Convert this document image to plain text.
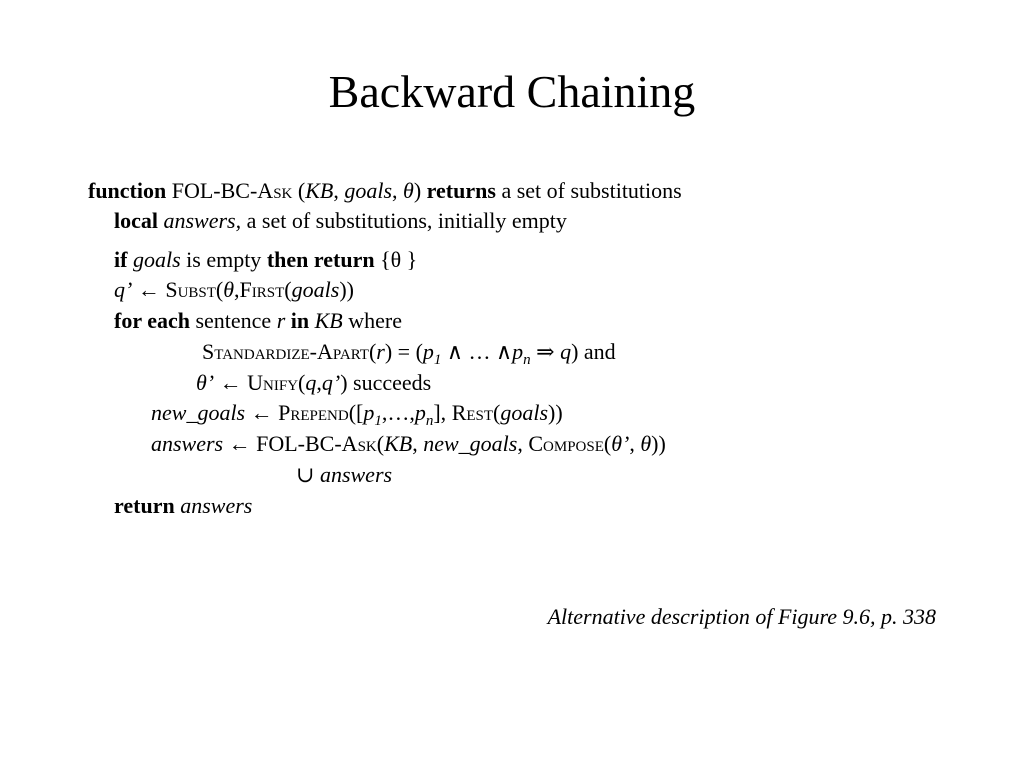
Backward Chaining
function FOL-BC-Ask (KB, goals, θ) returns a set of substitutions
local answers, a set of substitutions, initially empty
if goals is empty then return {θ }
q’ ← Subst(θ,First(goals))
for each sentence r in KB where
Standardize-Apart(r) = ($p_1$ ∧ … $\wedge p_n$ ⇒ q) and
θ’ ← Unify(q,q’) succeeds
new_goals ← $Prepend([p_1,\dots,p_n]$, Rest(goals))
answers ← FOL-BC-Ask(KB, new_goals, Compose(θ’, θ))
∪ answers
return answers
Alternative description of Figure 9.6, p. 338
